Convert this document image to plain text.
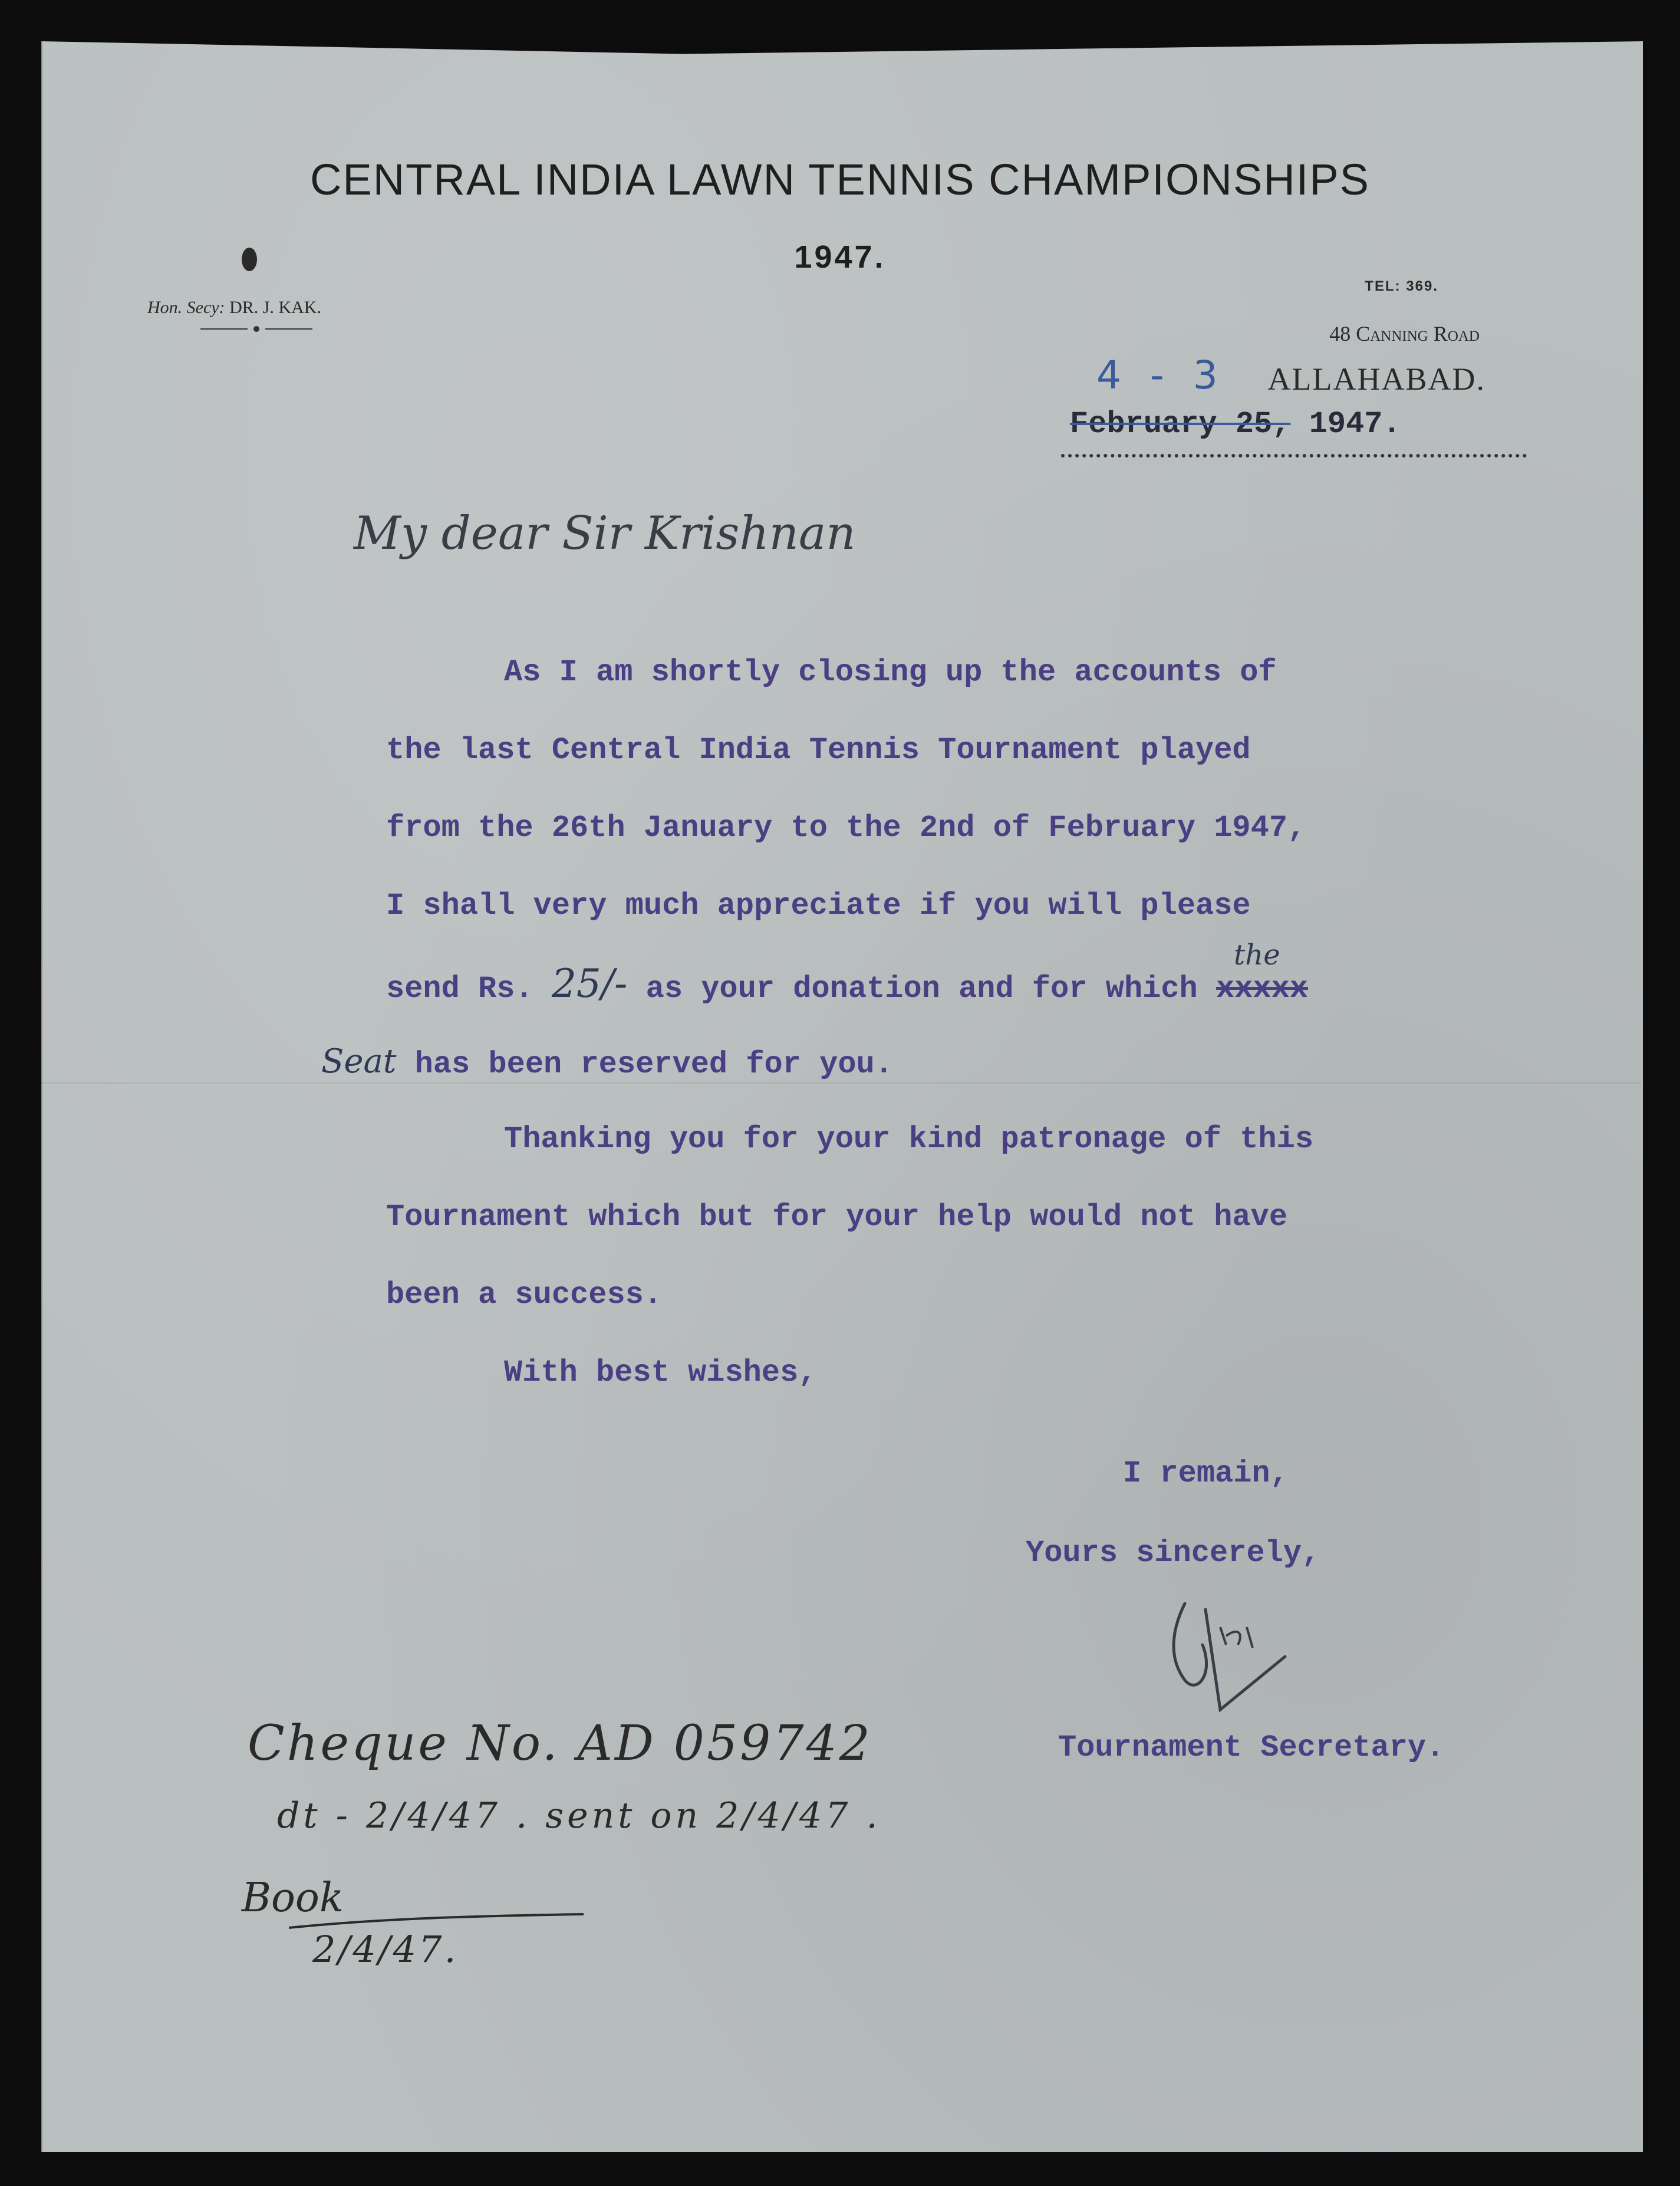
CENTRAL INDIA LAWN TENNIS CHAMPIONSHIPS
1947.
Hon. Secy: DR. J. KAK.
TEL: 369.
48 Canning Road
4 - 3 ALLAHABAD.
February 25, 1947.
My dear Sir Krishnan
As I am shortly closing up the accounts of
the last Central India Tennis Tournament played
from the 26th January to the 2nd of February 1947,
I shall very much appreciate if you will please
send Rs. 25/- as your donation and for which xxxxx
the
Seat has been reserved for you.
Thanking you for your kind patronage of this
Tournament which but for your help would not have
been a success.
With best wishes,
I remain,
Yours sincerely,
Tournament Secretary.
Cheque No. AD 059742
dt - 2/4/47 . sent on 2/4/47 .
Book
2/4/47.
